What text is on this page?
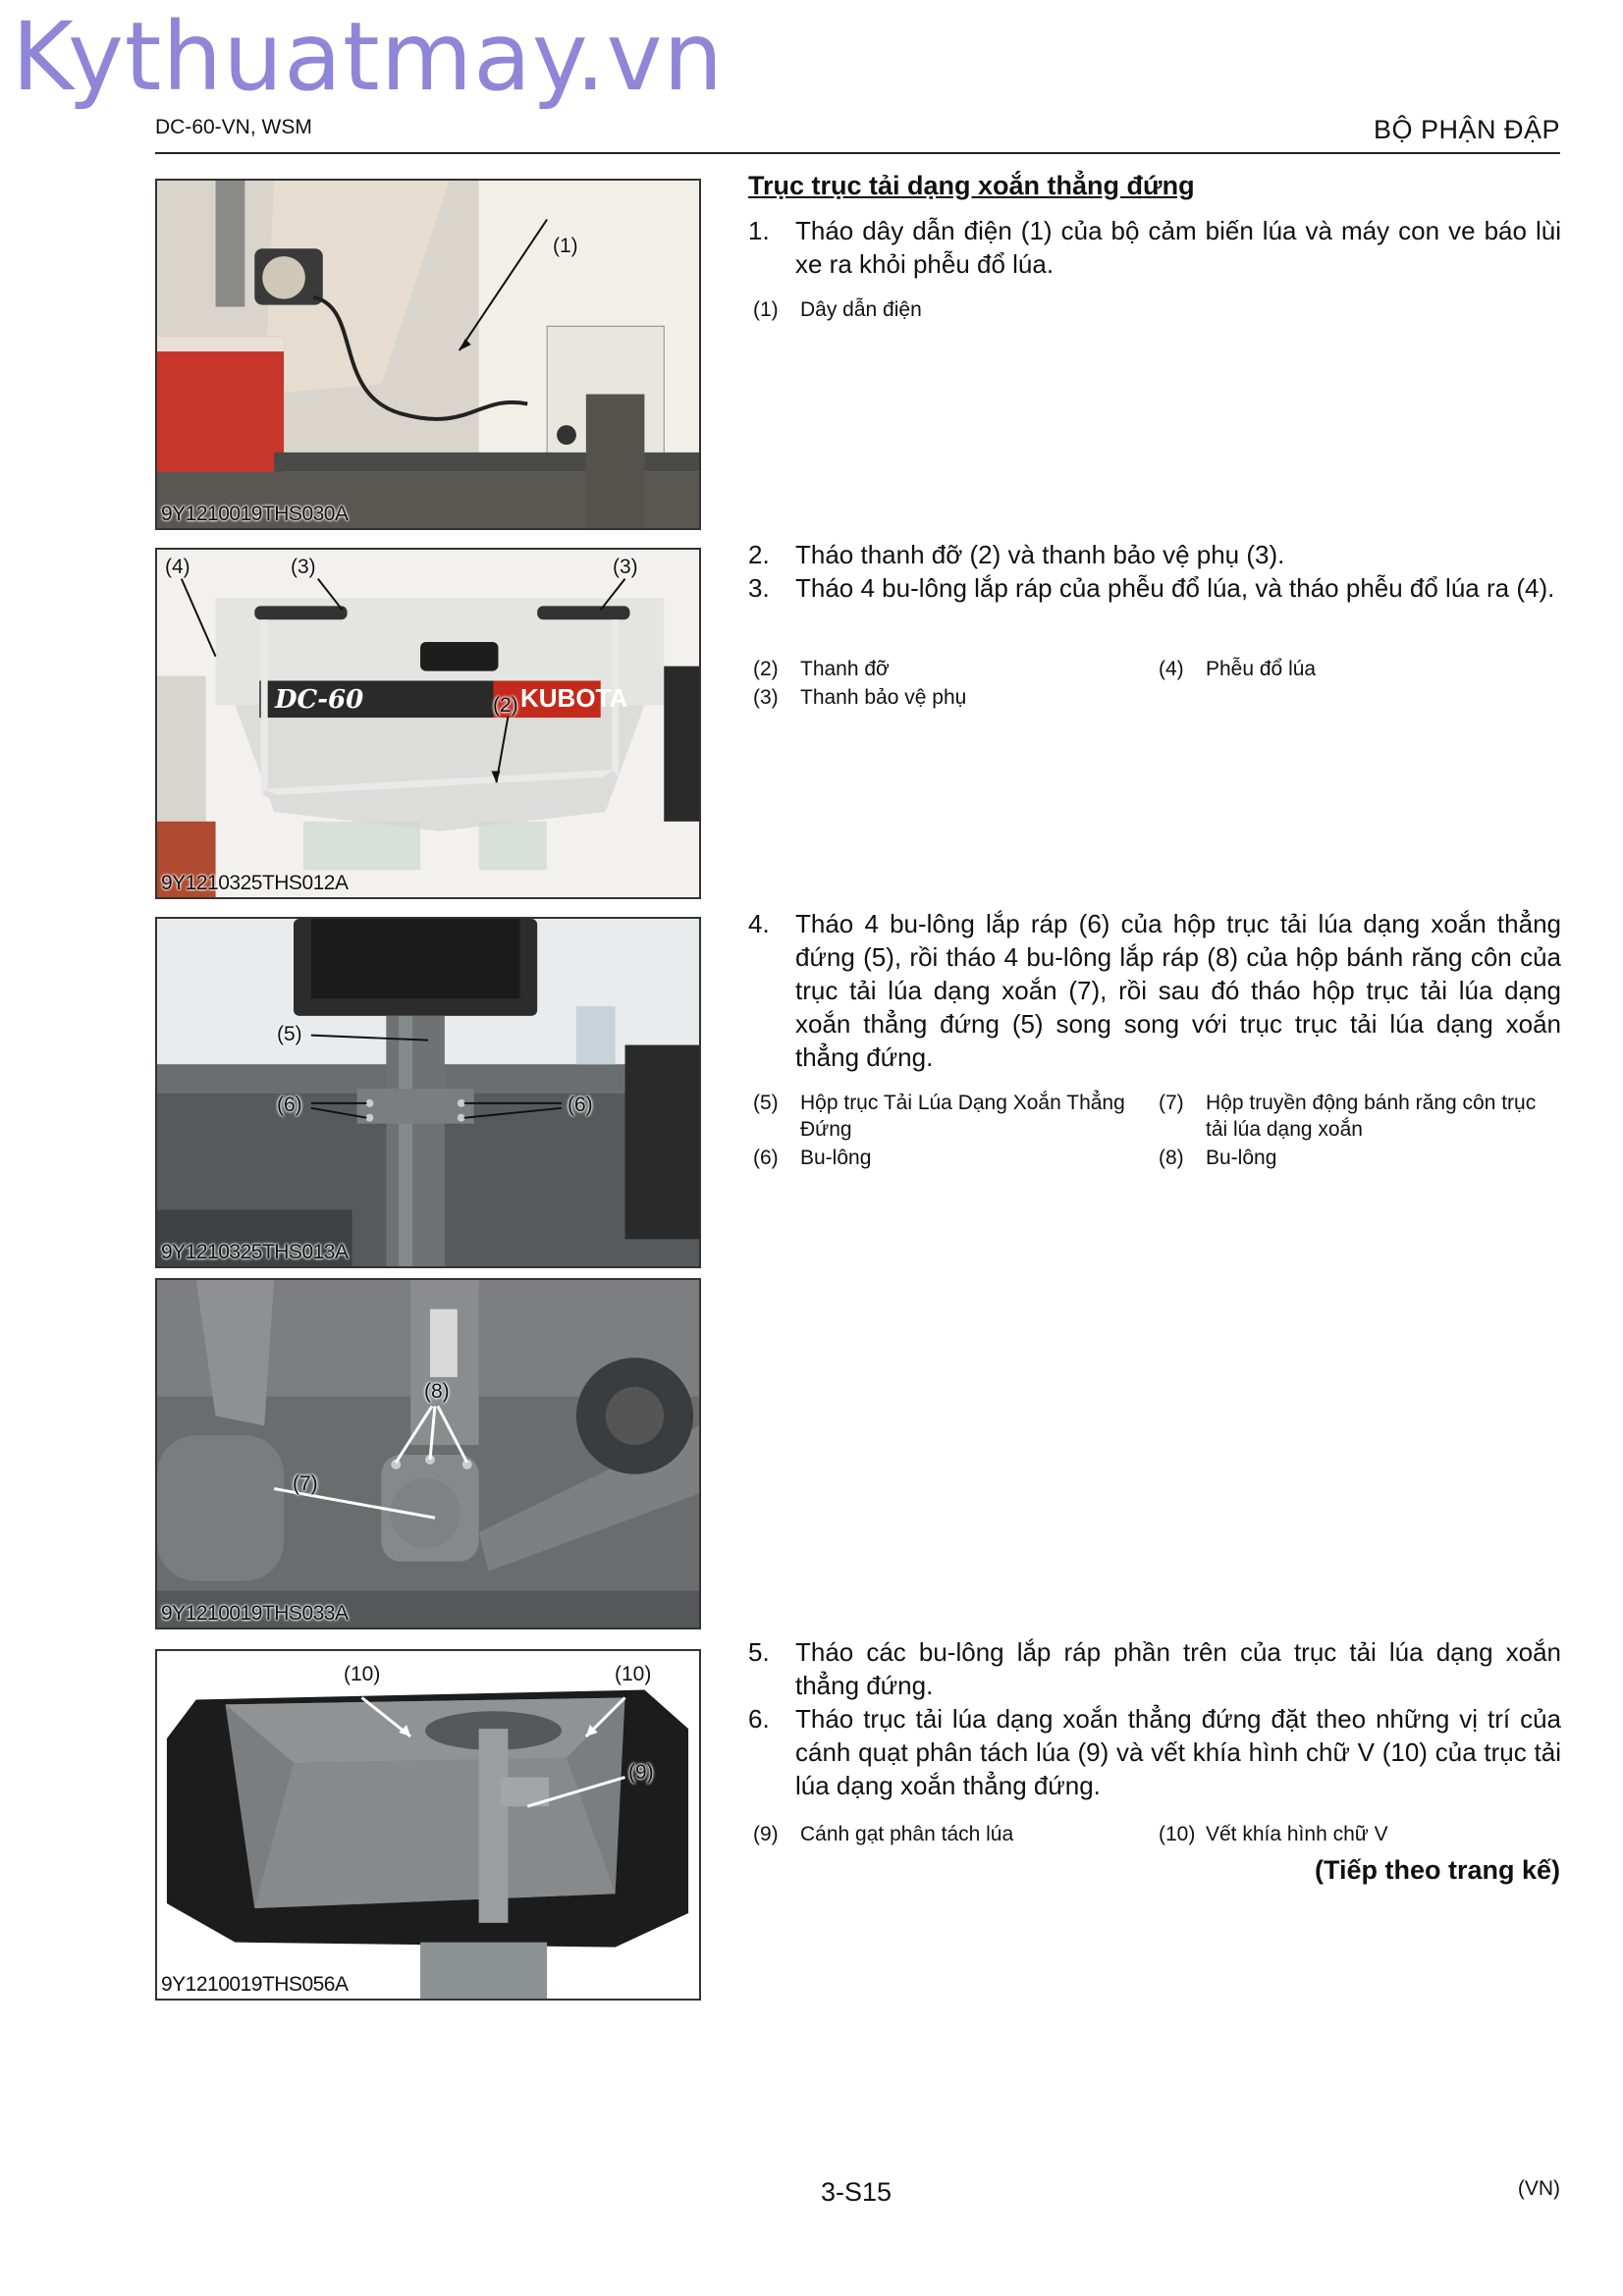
Kythuatmay.vn
DC-60-VN, WSM	BỘ PHẬN ĐẬP
(1)
9Y1210019THS030A
(4)	(3)	(3)
(2)
DC-60	KUBOTA
9Y1210325THS012A
(5)
(6)	(6)
9Y1210325THS013A
(8)
(7)
9Y1210019THS033A
(10)	(10)
(9)
9Y1210019THS056A
Trục trục tải dạng xoắn thẳng đứng
1. Tháo dây dẫn điện (1) của bộ cảm biến lúa và máy con ve báo lùi xe ra khỏi phễu đổ lúa.
(1)	Dây dẫn điện
2. Tháo thanh đỡ (2) và thanh bảo vệ phụ (3).
3. Tháo 4 bu-lông lắp ráp của phễu đổ lúa, và tháo phễu đổ lúa ra (4).
(2)	Thanh đỡ
(3)	Thanh bảo vệ phụ
(4)	Phễu đổ lúa
4. Tháo 4 bu-lông lắp ráp (6) của hộp trục tải lúa dạng xoắn thẳng đứng (5), rồi tháo 4 bu-lông lắp ráp (8) của hộp bánh răng côn của trục tải lúa dạng xoắn (7), rồi sau đó tháo hộp trục tải lúa dạng xoắn thẳng đứng (5) song song với trục trục tải lúa dạng xoắn thẳng đứng.
(5)	Hộp trục Tải Lúa Dạng Xoắn Thẳng Đứng
(6)	Bu-lông
(7)	Hộp truyền động bánh răng côn trục tải lúa dạng xoắn
(8)	Bu-lông
5. Tháo các bu-lông lắp ráp phần trên của trục tải lúa dạng xoắn thẳng đứng.
6. Tháo trục tải lúa dạng xoắn thẳng đứng đặt theo những vị trí của cánh quạt phân tách lúa (9) và vết khía hình chữ V (10) của trục tải lúa dạng xoắn thẳng đứng.
(9)	Cánh gạt phân tách lúa	(10) Vết khía hình chữ V
(Tiếp theo trang kế)
3-S15	(VN)
